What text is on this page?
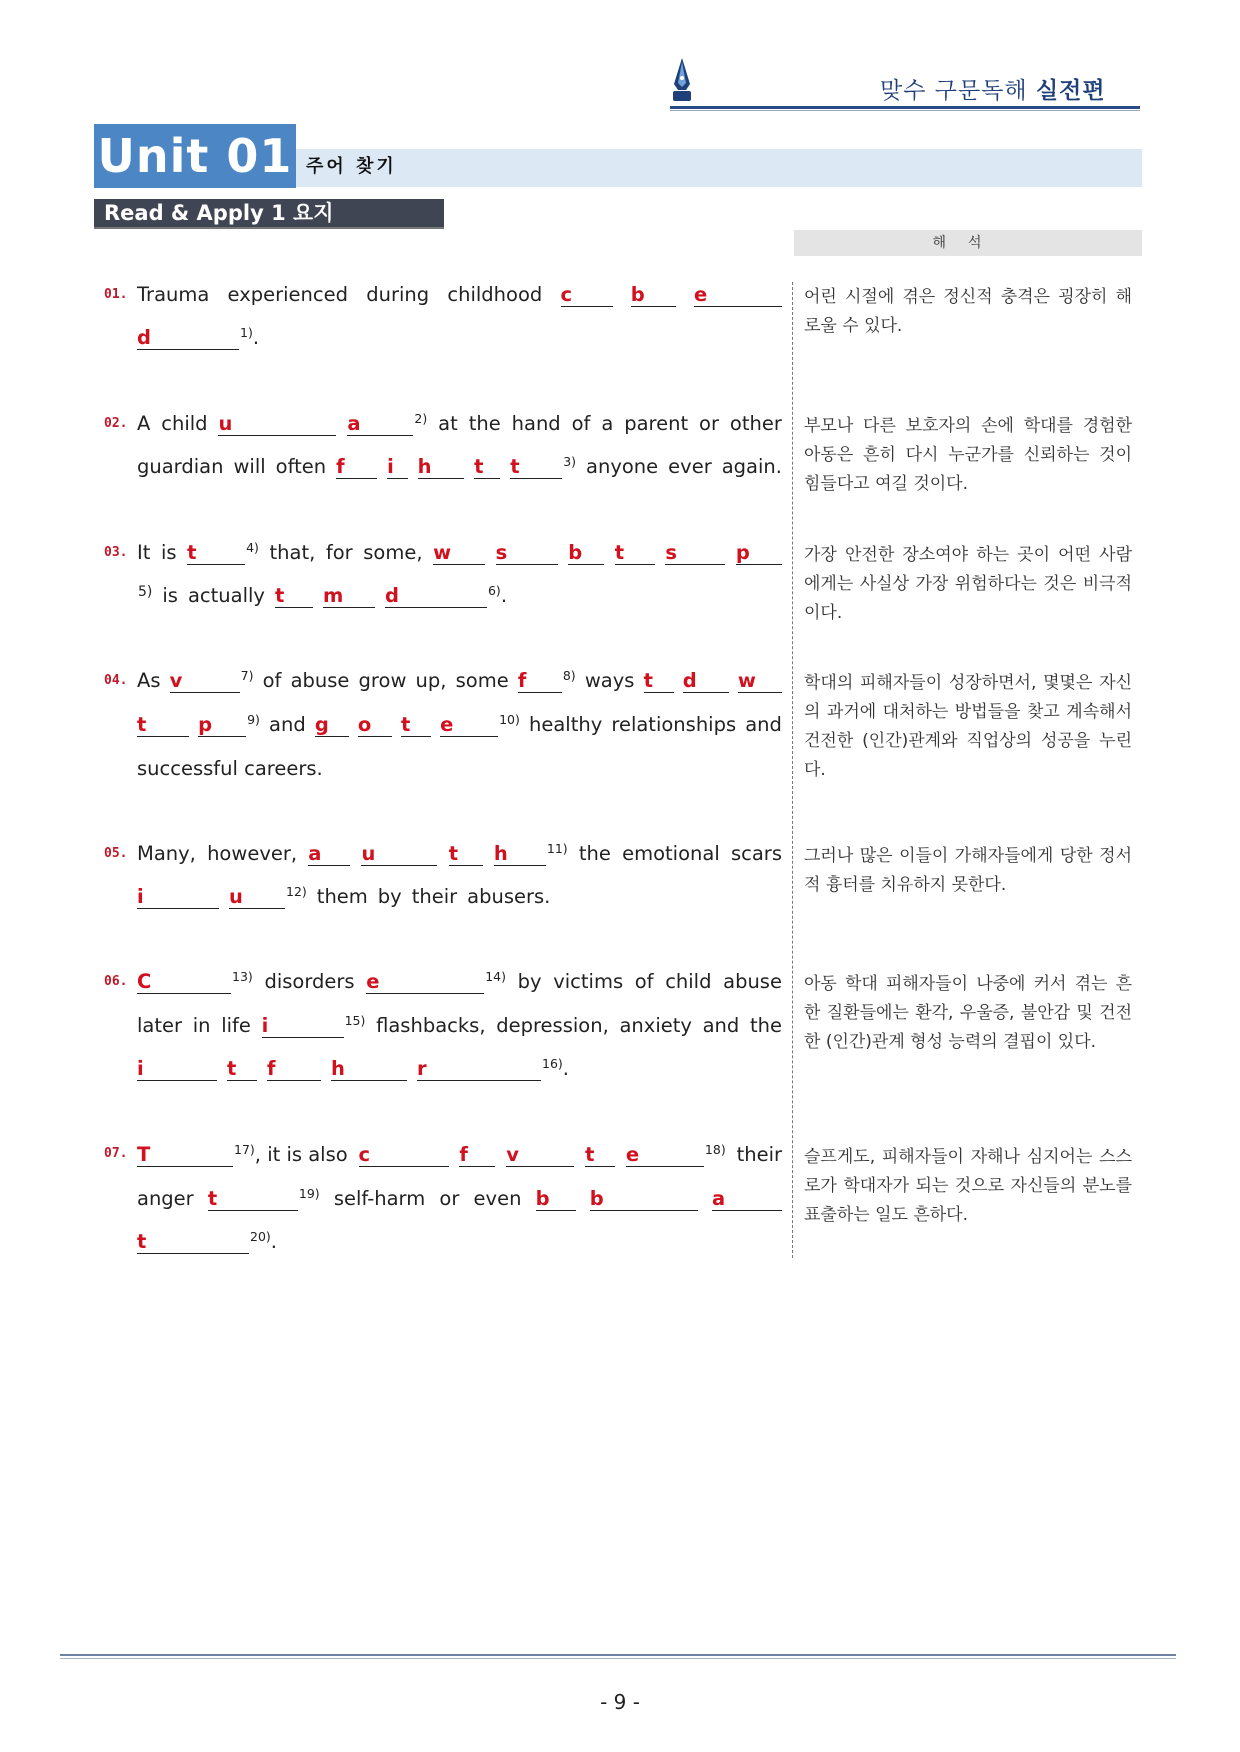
맞수 구문독해 실전편
Unit 01 주어 찾기
Read & Apply 1 요지
해석
01. Trauma experienced during childhood c	b	e
d	$^{1)}$.
어린 시절에 겪은 정신적 충격은 굉장히 해로울 수 있다.
02. A child u	a	$^{2)}$ at the hand of a parent or other
guardian will often f	i	h	t	t	$^{3)}$ anyone ever again.
부모나 다른 보호자의 손에 학대를 경험한 아동은 흔히 다시 누군가를 신뢰하는 것이 힘들다고 여길 것이다.
03. It is t	$^{4)}$ that, for some, w	s	b	t	s	p
$^{5)}$ is actually t	m	d	$^{6)}$.
가장 안전한 장소여야 하는 곳이 어떤 사람에게는 사실상 가장 위험하다는 것은 비극적이다.
04. As v	$^{7)}$ of abuse grow up, some f	$^{8)}$ ways t	d	w
t	p	$^{9)}$ and g	o	t	e	$^{10)}$ healthy relationships and
successful careers.
학대의 피해자들이 성장하면서, 몇몇은 자신의 과거에 대처하는 방법들을 찾고 계속해서 건전한 (인간)관계와 직업상의 성공을 누린다.
05. Many, however, a	u	t	h	$^{11)}$ the emotional scars
i	u	$^{12)}$ them by their abusers.
그러나 많은 이들이 가해자들에게 당한 정서적 흉터를 치유하지 못한다.
06. C	$^{13)}$ disorders e	$^{14)}$ by victims of child abuse
later in life i	$^{15)}$ flashbacks, depression, anxiety and the
i	t	f	h	r	$^{16)}$.
아동 학대 피해자들이 나중에 커서 겪는 흔한 질환들에는 환각, 우울증, 불안감 및 건전한 (인간)관계 형성 능력의 결핍이 있다.
07. T	$^{17)}$, it is also c	f	v	t	e	$^{18)}$ their
anger t	$^{19)}$ self-harm or even b	b	a
t	$^{20)}$.
슬프게도, 피해자들이 자해나 심지어는 스스로가 학대자가 되는 것으로 자신들의 분노를 표출하는 일도 흔하다.
- 9 -
